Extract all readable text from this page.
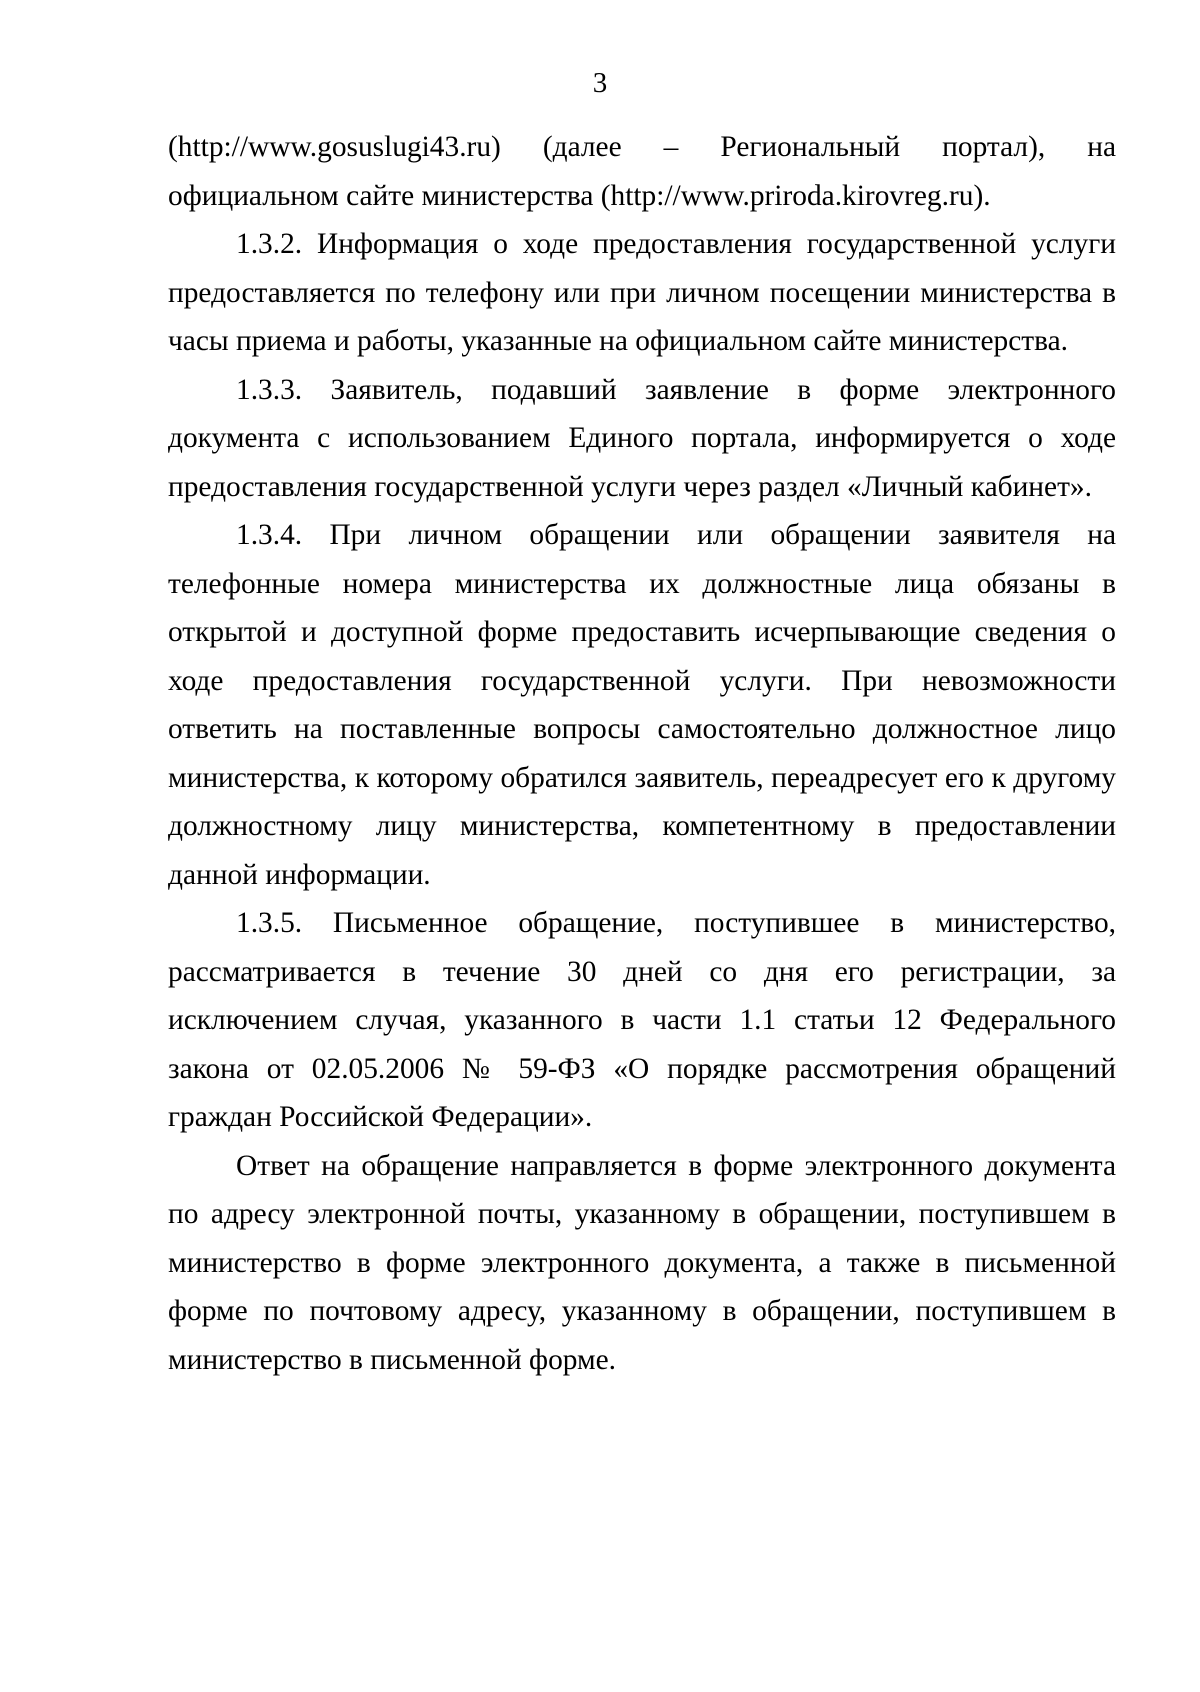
3

(http://www.gosuslugi43.ru) (далее – Региональный портал), на официальном сайте министерства (http://www.priroda.kirovreg.ru).

1.3.2. Информация о ходе предоставления государственной услуги предоставляется по телефону или при личном посещении министерства в часы приема и работы, указанные на официальном сайте министерства.

1.3.3. Заявитель, подавший заявление в форме электронного документа с использованием Единого портала, информируется о ходе предоставления государственной услуги через раздел «Личный кабинет».

1.3.4. При личном обращении или обращении заявителя на телефонные номера министерства их должностные лица обязаны в открытой и доступной форме предоставить исчерпывающие сведения о ходе предоставления государственной услуги. При невозможности ответить на поставленные вопросы самостоятельно должностное лицо министерства, к которому обратился заявитель, переадресует его к другому должностному лицу министерства, компетентному в предоставлении данной информации.

1.3.5. Письменное обращение, поступившее в министерство, рассматривается в течение 30 дней со дня его регистрации, за исключением случая, указанного в части 1.1 статьи 12 Федерального закона от 02.05.2006 № 59-ФЗ «О порядке рассмотрения обращений граждан Российской Федерации».

Ответ на обращение направляется в форме электронного документа по адресу электронной почты, указанному в обращении, поступившем в министерство в форме электронного документа, а также в письменной форме по почтовому адресу, указанному в обращении, поступившем в министерство в письменной форме.
